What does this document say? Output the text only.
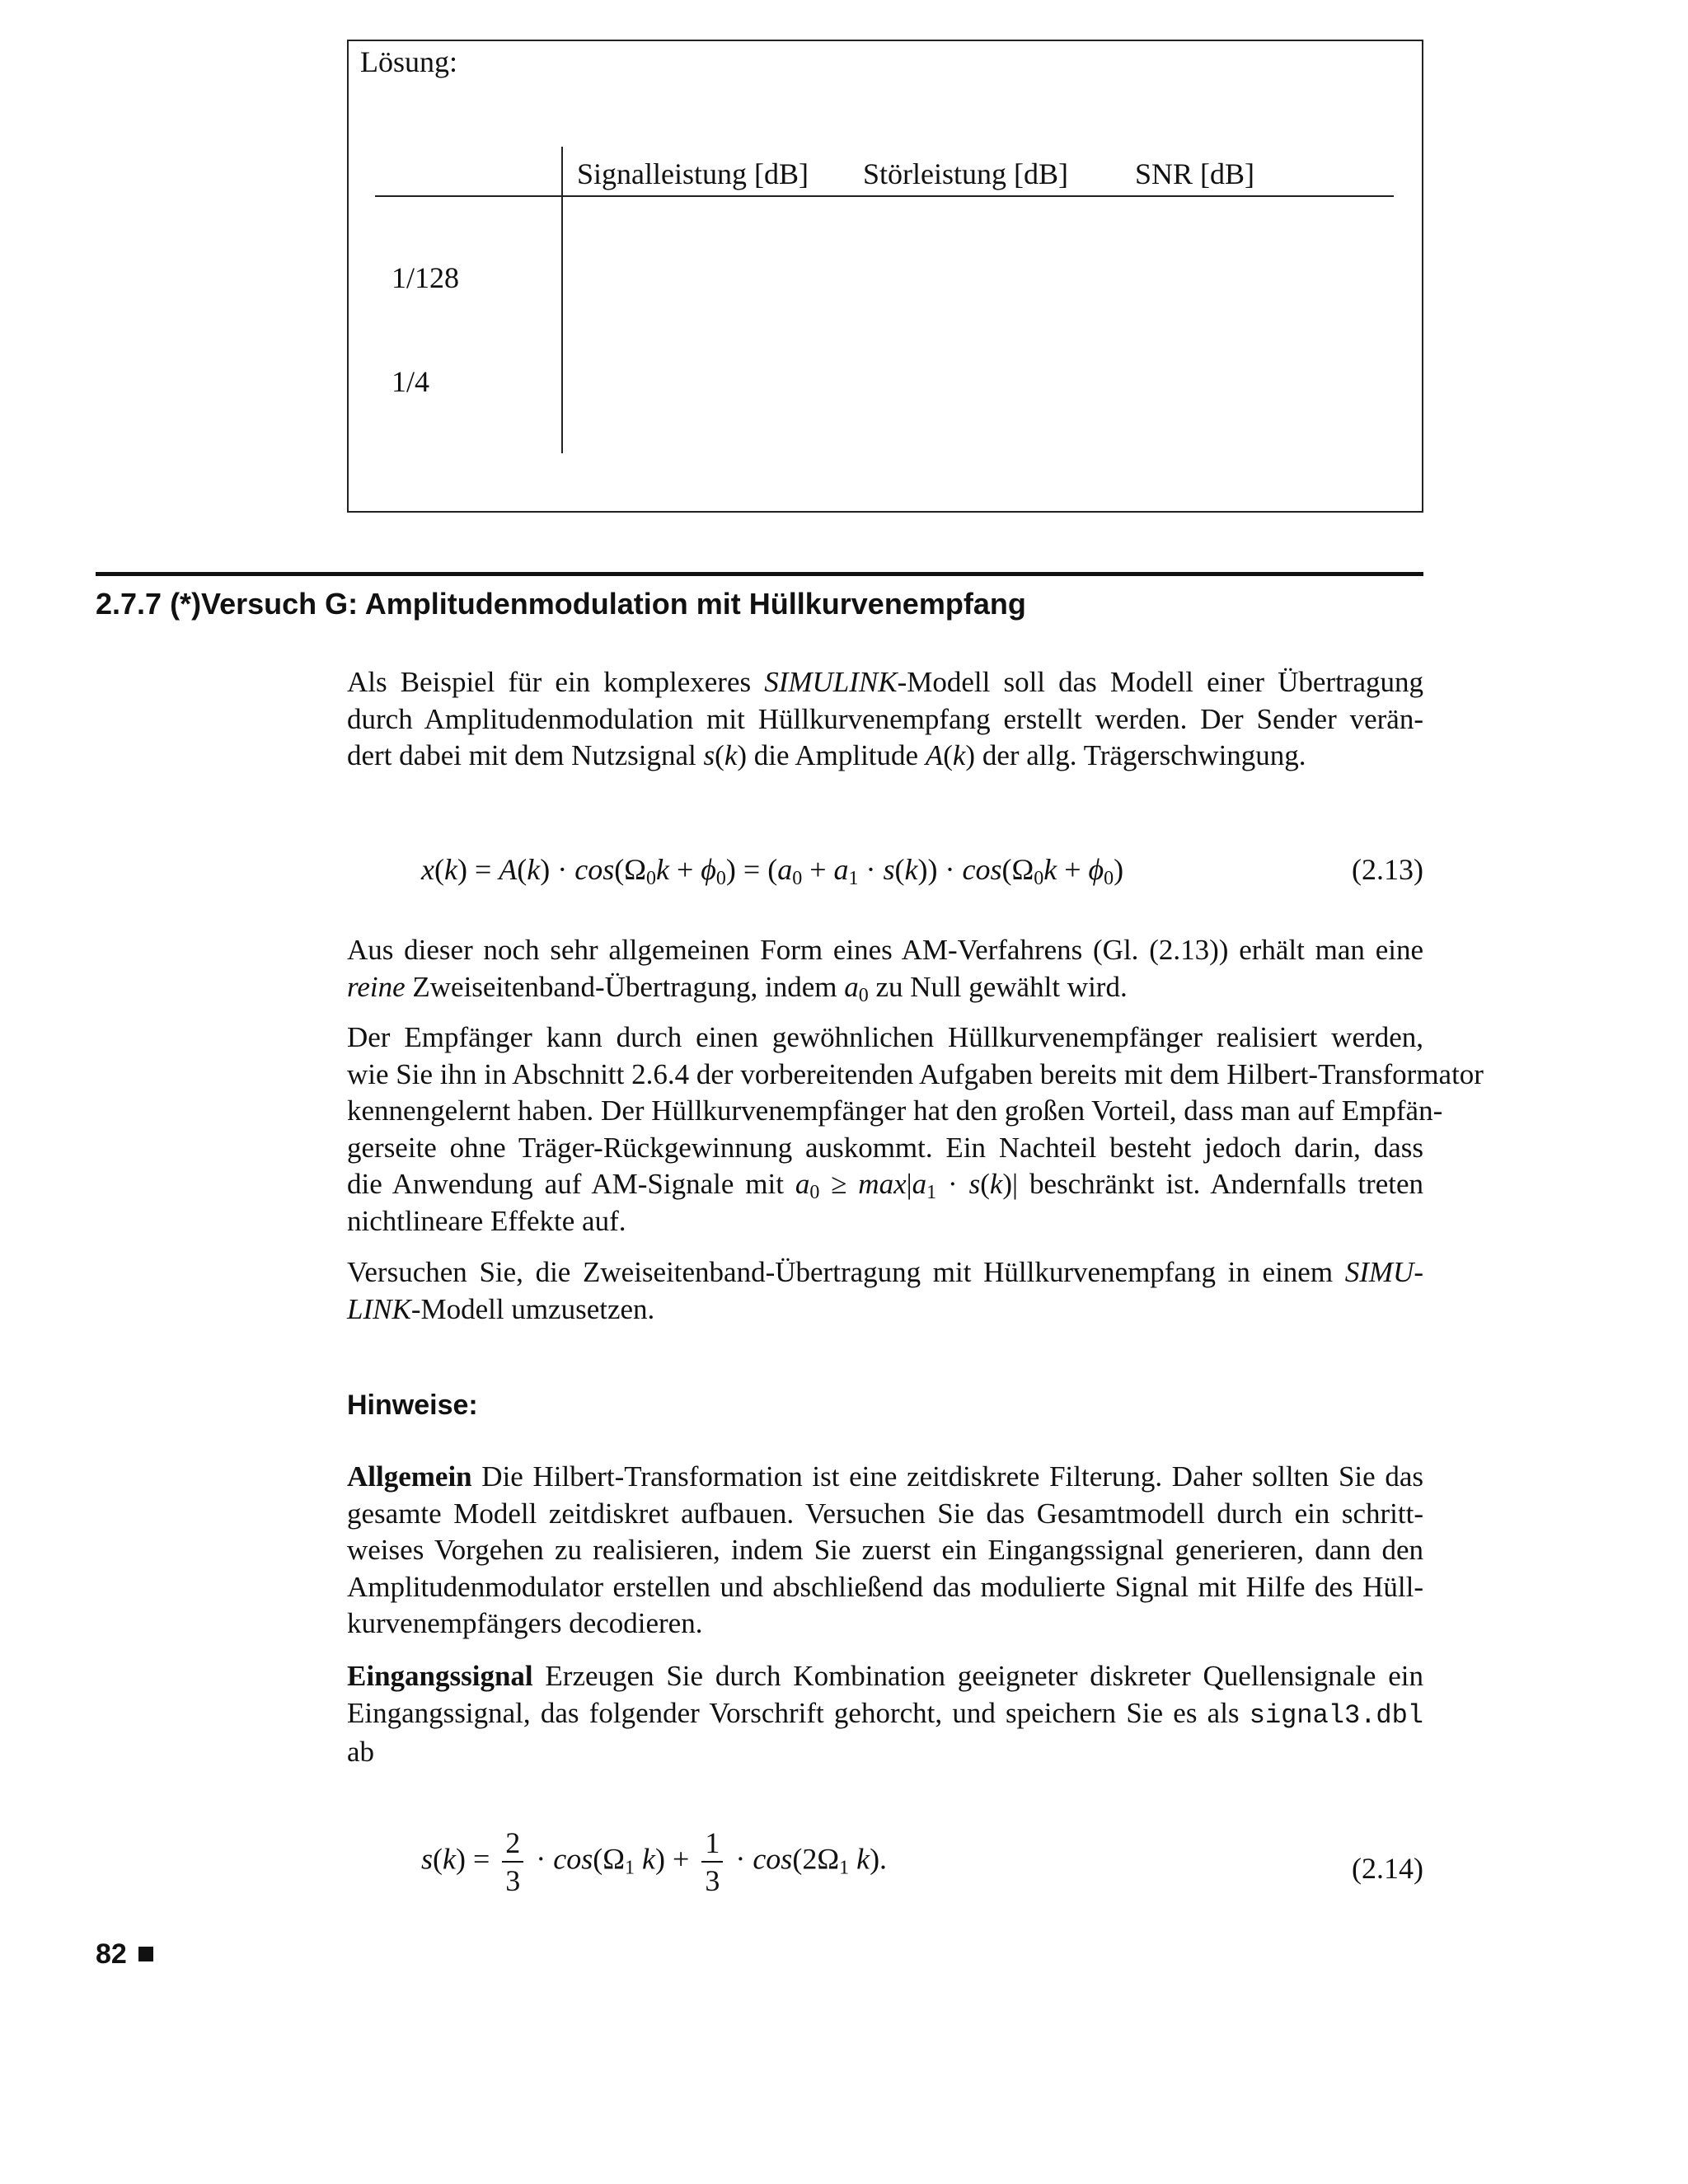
Lösung:
Signalleistung [dB] Störleistung [dB] SNR [dB]
1/128
1/4
2.7.7 (*)Versuch G: Amplitudenmodulation mit Hüllkurvenempfang
Als Beispiel für ein komplexeres SIMULINK-Modell soll das Modell einer Übertragung
durch Amplitudenmodulation mit Hüllkurvenempfang erstellt werden. Der Sender verän-
dert dabei mit dem Nutzsignal s(k) die Amplitude A(k) der allg. Trägerschwingung.
$x(k) = A(k) \cdot \cos(\Omega_0k + \phi_0) = (a_0 + a_1 \cdot s(k)) \cdot \cos(\Omega_0k + \phi_0)$	(2.13)
Aus dieser noch sehr allgemeinen Form eines AM-Verfahrens (Gl. (2.13)) erhält man eine
reine Zweiseitenband-Übertragung, indem $a_0$ zu Null gewählt wird.
Der Empfänger kann durch einen gewöhnlichen Hüllkurvenempfänger realisiert werden,
wie Sie ihn in Abschnitt 2.6.4 der vorbereitenden Aufgaben bereits mit dem Hilbert-Transformator
kennengelernt haben. Der Hüllkurvenempfänger hat den großen Vorteil, dass man auf Empfän-
gerseite ohne Träger-Rückgewinnung auskommt. Ein Nachteil besteht jedoch darin, dass
die Anwendung auf AM-Signale mit $a_0 \ge \max|a_1 \cdot s(k)|$ beschränkt ist. Andernfalls treten
nichtlineare Effekte auf.
Versuchen Sie, die Zweiseitenband-Übertragung mit Hüllkurvenempfang in einem SIMU-
LINK-Modell umzusetzen.
Hinweise:
Allgemein Die Hilbert-Transformation ist eine zeitdiskrete Filterung. Daher sollten Sie das
gesamte Modell zeitdiskret aufbauen. Versuchen Sie das Gesamtmodell durch ein schritt-
weises Vorgehen zu realisieren, indem Sie zuerst ein Eingangssignal generieren, dann den
Amplitudenmodulator erstellen und abschließend das modulierte Signal mit Hilfe des Hüll-
kurvenempfängers decodieren.
Eingangssignal Erzeugen Sie durch Kombination geeigneter diskreter Quellensignale ein
Eingangssignal, das folgender Vorschrift gehorcht, und speichern Sie es als signal3.dbl
ab
$s(k) = \frac{2}{3} \cdot \cos(\Omega_1$ $k) + \frac{1}{3} \cdot \cos(2\Omega_1$ k).	(2.14)
82
